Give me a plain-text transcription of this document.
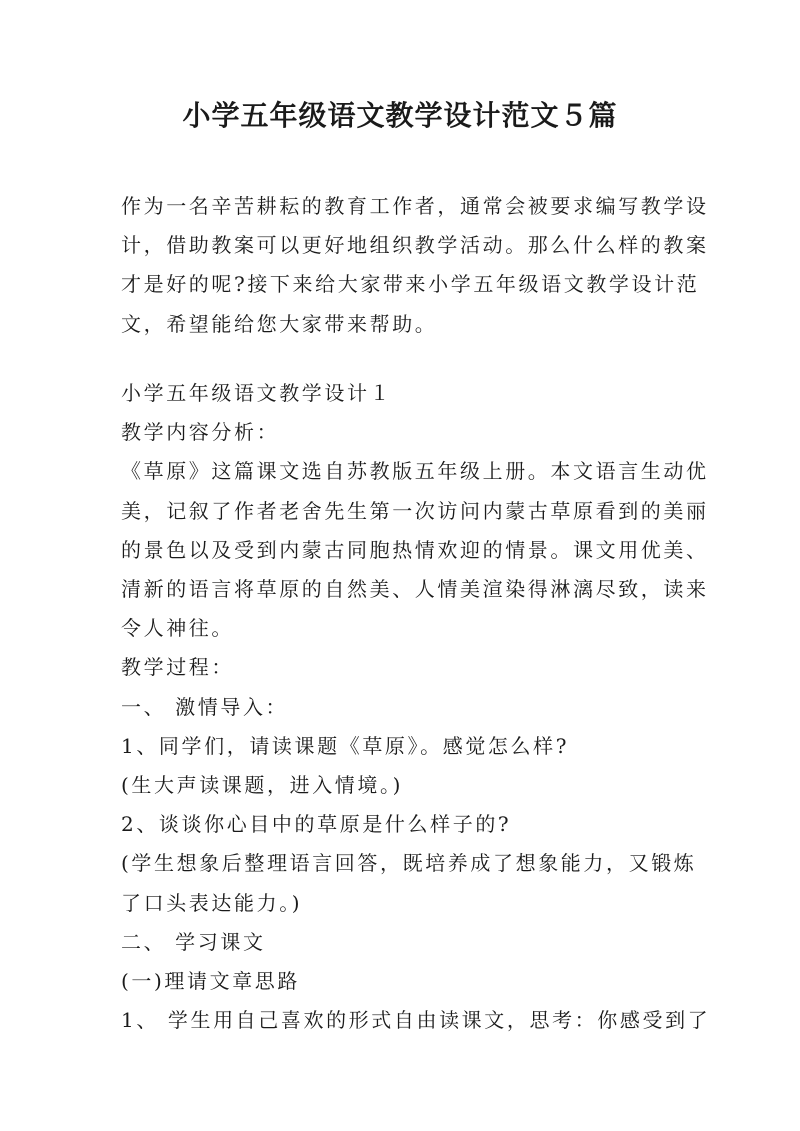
小学五年级语文教学设计范文５篇

作为一名辛苦耕耘的教育工作者，通常会被要求编写教学设
计，借助教案可以更好地组织教学活动。那么什么样的教案
才是好的呢?接下来给大家带来小学五年级语文教学设计范
文，希望能给您大家带来帮助。

小学五年级语文教学设计１
教学内容分析：
《草原》这篇课文选自苏教版五年级上册。本文语言生动优
美，记叙了作者老舍先生第一次访问内蒙古草原看到的美丽
的景色以及受到内蒙古同胞热情欢迎的情景。课文用优美、
清新的语言将草原的自然美、人情美渲染得淋漓尽致，读来
令人神往。
教学过程：
一、 激情导入：
1、同学们，请读课题《草原》。感觉怎么样?
(生大声读课题，进入情境。)
2、谈谈你心目中的草原是什么样子的?
(学生想象后整理语言回答，既培养成了想象能力，又锻炼
了口头表达能力。)
二、 学习课文
(一)理请文章思路
1、 学生用自己喜欢的形式自由读课文，思考：你感受到了
